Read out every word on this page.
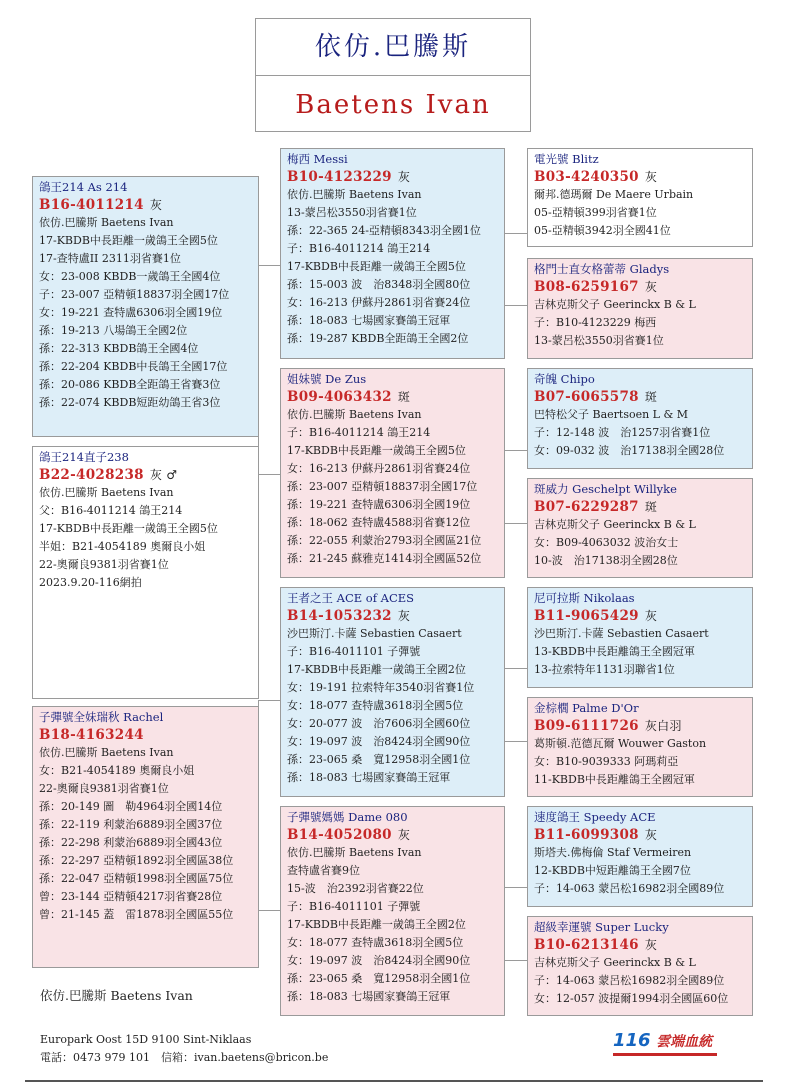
依仿.巴騰斯
Baetens Ivan
鴿王214 As 214
B16-4011214 灰
依仿.巴騰斯 Baetens Ivan
17-KBDB中長距離一歲鴿王全國5位
17-查特盧II 2311羽省賽1位
女：23-008 KBDB一歲鴿王全國4位
子：23-007 亞精頓18837羽全國17位
女：19-221 查特盧6306羽全國19位
孫：19-213 八場鴿王全國2位
孫：22-313 KBDB鴿王全國4位
孫：22-204 KBDB中長鴿王全國17位
孫：20-086 KBDB全距鴿王省賽3位
孫：22-074 KBDB短距幼鴿王省3位
鴿王214直子238
B22-4028238 灰 ♂
依仿.巴騰斯 Baetens Ivan
父：B16-4011214 鴿王214
17-KBDB中長距離一歲鴿王全國5位
半姐：B21-4054189 奧爾良小姐
22-奧爾良9381羽省賽1位
2023.9.20-116網拍
子彈號全妹瑞秋 Rachel
B18-4163244
依仿.巴騰斯 Baetens Ivan
女：B21-4054189 奧爾良小姐
22-奧爾良9381羽省賽1位
孫：20-149 圖　勒4964羽全國14位
孫：22-119 利蒙治6889羽全國37位
孫：22-298 利蒙治6889羽全國43位
孫：22-297 亞精頓1892羽全國區38位
孫：22-047 亞精頓1998羽全國區75位
曾：23-144 亞精頓4217羽省賽28位
曾：21-145 蓋　雷1878羽全國區55位
梅西 Messi
B10-4123229 灰
依仿.巴騰斯 Baetens Ivan
13-蒙呂松3550羽省賽1位
孫：22-365 24-亞精頓8343羽全國1位
子：B16-4011214 鴿王214
17-KBDB中長距離一歲鴿王全國5位
孫：15-003 波　治8348羽全國80位
女：16-213 伊蘇丹2861羽省賽24位
孫：18-083 七場國家賽鴿王冠軍
孫：19-287 KBDB全距鴿王全國2位
姐妹號 De Zus
B09-4063432 斑
依仿.巴騰斯 Baetens Ivan
子：B16-4011214 鴿王214
17-KBDB中長距離一歲鴿王全國5位
女：16-213 伊蘇丹2861羽省賽24位
孫：23-007 亞精頓18837羽全國17位
孫：19-221 查特盧6306羽全國19位
孫：18-062 查特盧4588羽省賽12位
孫：22-055 利蒙治2793羽全國區21位
孫：21-245 蘇雅克1414羽全國區52位
王者之王 ACE of ACES
B14-1053232 灰
沙巴斯汀.卡薩 Sebastien Casaert
子：B16-4011101 子彈號
17-KBDB中長距離一歲鴿王全國2位
女：19-191 拉索特年3540羽省賽1位
女：18-077 查特盧3618羽全國5位
女：20-077 波　治7606羽全國60位
女：19-097 波　治8424羽全國90位
孫：23-065 桑　寬12958羽全國1位
孫：18-083 七場國家賽鴿王冠軍
子彈號媽媽 Dame 080
B14-4052080 灰
依仿.巴騰斯 Baetens Ivan
查特盧省賽9位
15-波　治2392羽省賽22位
子：B16-4011101 子彈號
17-KBDB中長距離一歲鴿王全國2位
女：18-077 查特盧3618羽全國5位
女：19-097 波　治8424羽全國90位
孫：23-065 桑　寬12958羽全國1位
孫：18-083 七場國家賽鴿王冠軍
電光號 Blitz
B03-4240350 灰
爾邦.德瑪爾 De Maere Urbain
05-亞精頓399羽省賽1位
05-亞精頓3942羽全國41位
格門士直女格蕾蒂 Gladys
B08-6259167 灰
吉林克斯父子 Geerinckx B & L
子：B10-4123229 梅西
13-蒙呂松3550羽省賽1位
奇魄 Chipo
B07-6065578 斑
巴特松父子 Baertsoen L & M
子：12-148 波　治1257羽省賽1位
女：09-032 波　治17138羽全國28位
斑威力 Geschelpt Willyke
B07-6229287 斑
吉林克斯父子 Geerinckx B & L
女：B09-4063032 波治女士
10-波　治17138羽全國28位
尼可拉斯 Nikolaas
B11-9065429 灰
沙巴斯汀.卡薩 Sebastien Casaert
13-KBDB中長距離鴿王全國冠軍
13-拉索特年1131羽聯省1位
金棕櫚 Palme D'Or
B09-6111726 灰白羽
葛斯頓.范德瓦爾 Wouwer Gaston
女：B10-9039333 阿瑪莉亞
11-KBDB中長距離鴿王全國冠軍
速度鴿王 Speedy ACE
B11-6099308 灰
斯塔夫.佛梅倫 Staf Vermeiren
12-KBDB中短距離鴿王全國7位
子：14-063 蒙呂松16982羽全國89位
超級幸運號 Super Lucky
B10-6213146 灰
吉林克斯父子 Geerinckx B & L
子：14-063 蒙呂松16982羽全國89位
女：12-057 波提爾1994羽全國區60位
依仿.巴騰斯 Baetens Ivan
Europark Oost 15D 9100 Sint-Niklaas
電話：0473 979 101　信箱：ivan.baetens@bricon.be
116 雲端血統
